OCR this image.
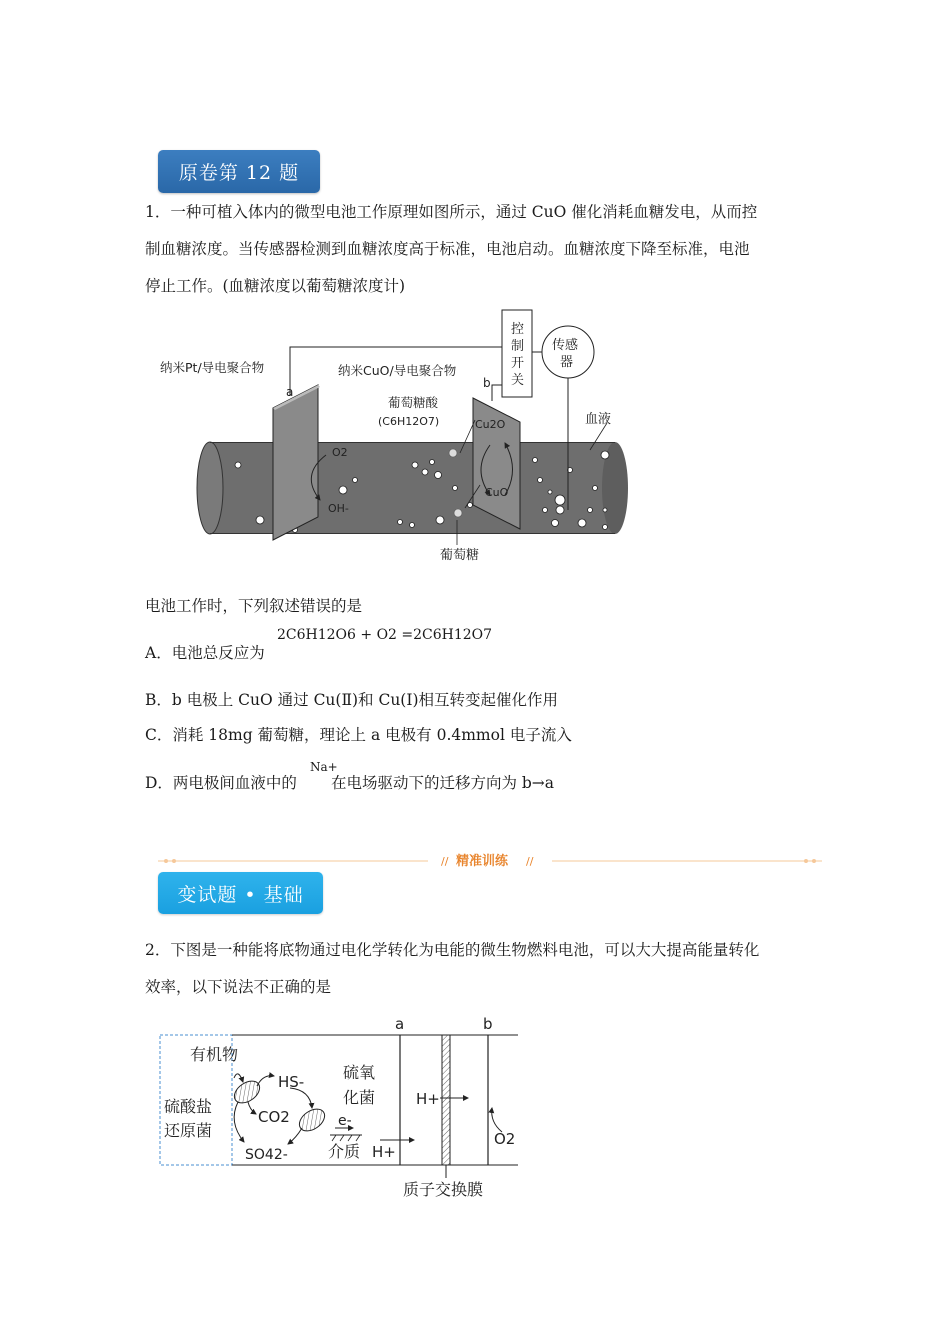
原卷第 12 题
1．一种可植入体内的微型电池工作原理如图所示，通过 CuO 催化消耗血糖发电，从而控
制血糖浓度。当传感器检测到血糖浓度高于标准，电池启动。血糖浓度下降至标准，电池
停止工作。(血糖浓度以葡萄糖浓度计)
纳米Pt/导电聚合物
a
b
纳米CuO/导电聚合物
控
制
开
关
传感
器
葡萄糖酸
(C6H12O7)	Cu2O
CuO
O2
OH-
血液
葡萄糖
电池工作时，下列叙述错误的是
A．电池总反应为
2C6H12O6 + O2 =2C6H12O7
B．b 电极上 CuO 通过 Cu(Ⅱ)和 Cu(Ⅰ)相互转变起催化作用
C．消耗 18mg 葡萄糖，理论上 a 电极有 0.4mmol 电子流入
D．两电极间血液中的 在电场驱动下的迁移方向为 b→a
Na+
// 精准训练 //
变试题 • 基础
2．下图是一种能将底物通过电化学转化为电能的微生物燃料电池，可以大大提高能量转化
效率，以下说法不正确的是
a	b
有机物
HS- 硫氧
化菌
硫酸盐
还原菌
CO2
H+
e-
SO42-	介质 H+
O2
质子交换膜
